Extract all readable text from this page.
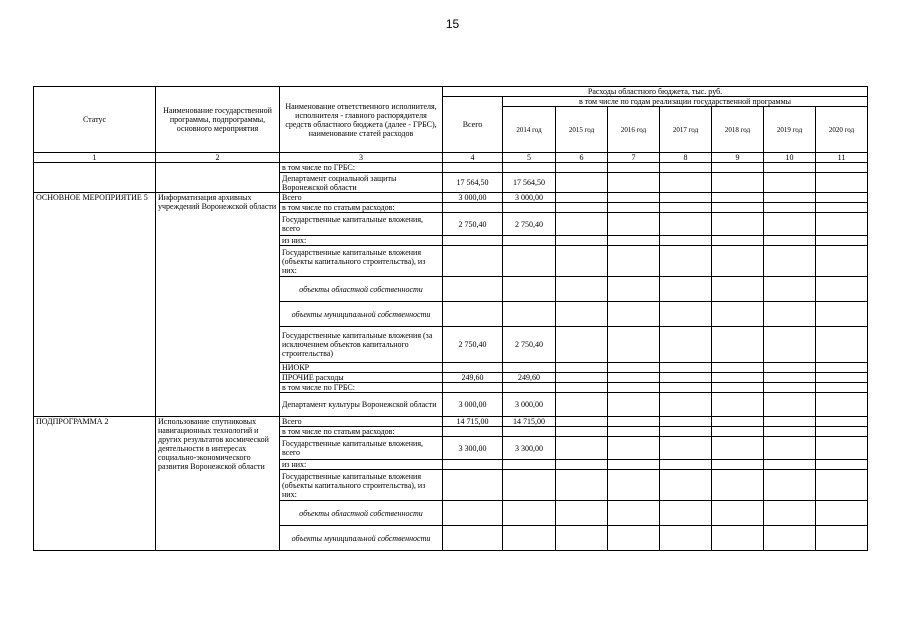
15
Статус	Наименование государственной программы, подпрограммы, основного мероприятия	Наименование ответственного исполнителя, исполнителя - главного распорядителя средств областного бюджета (далее - ГРБС), наименование статей расходов	Расходы областного бюджета, тыс. руб.							
			Всего	в том числе по годам реализации государственной программы						
				2014 год	2015 год	2016 год	2017 год	2018 год	2019 год	2020 год
1	2	3	4	5	6	7	8	9	10	11
		в том числе по ГРБС:								
		Департамент социальной защиты Воронежской области	17 564,50	17 564,50						
ОСНОВНОЕ МЕРОПРИЯТИЕ 5	Информатизация архивных учреждений Воронежской области	Всего	3 000,00	3 000,00						
		в том числе по статьям расходов:								
		Государственные капитальные вложения, всего	2 750,40	2 750,40						
		из них:								
		Государственные капитальные вложения (объекты капитального строительства), из них:								
		объекты областной собственности								
		объекты муниципальной собственности								
		Государственные капитальные вложения (за исключением объектов капитального строительства)	2 750,40	2 750,40						
		НИОКР								
		ПРОЧИЕ расходы	249,60	249,60						
		в том числе по ГРБС:								
		Департамент культуры Воронежской области	3 000,00	3 000,00						
ПОДПРОГРАММА 2	Использование спутниковых навигационных технологий и других результатов космической деятельности в интересах социально-экономического развития Воронежской области	Всего	14 715,00	14 715,00						
		в том числе по статьям расходов:								
		Государственные капитальные вложения, всего	3 300,00	3 300,00						
		из них:								
		Государственные капитальные вложения (объекты капитального строительства), из них:								
		объекты областной собственности								
		объекты муниципальной собственности								
